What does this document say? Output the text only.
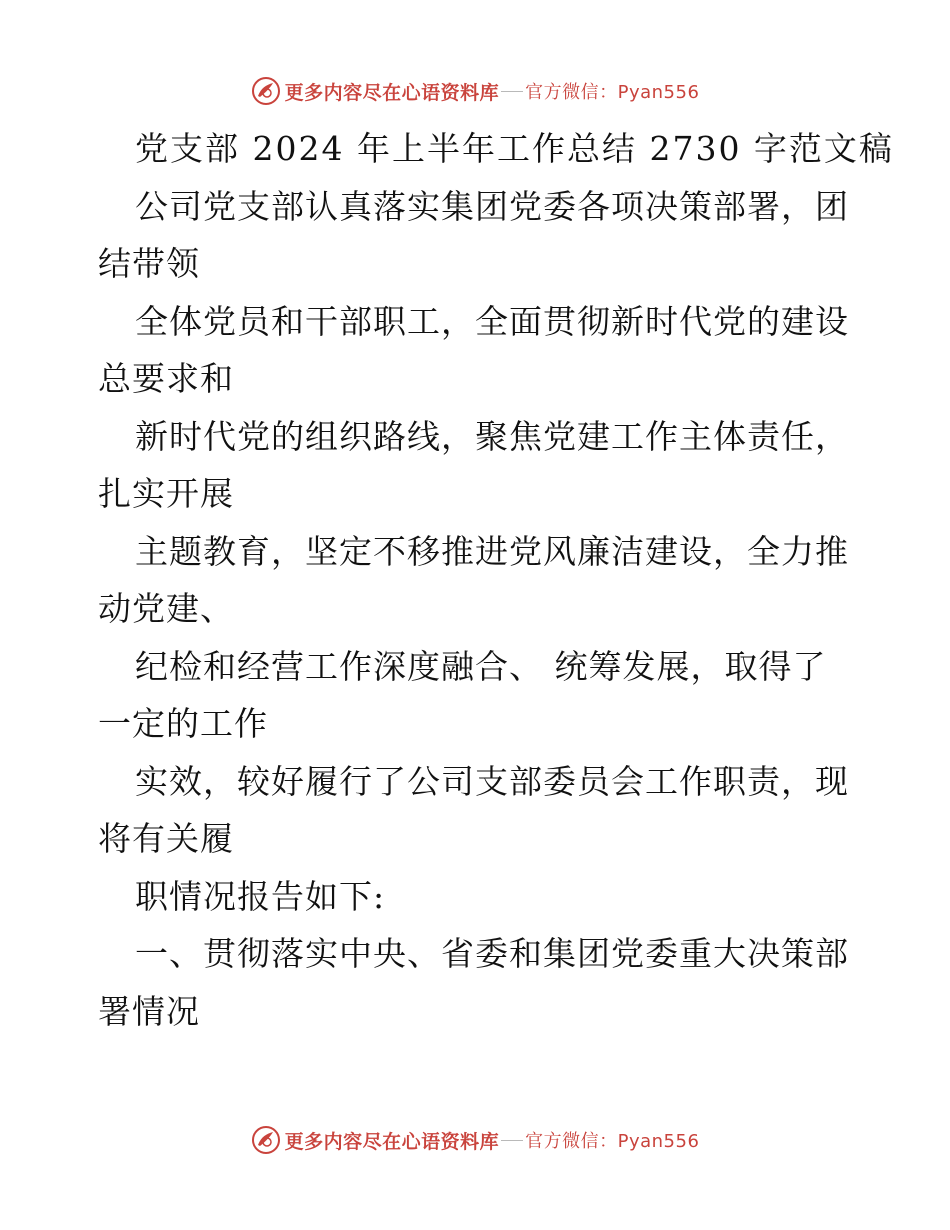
更多内容尽在心语资料库 官方微信：Pyan556
党支部 2024 年上半年工作总结 2730 字范文稿
公司党支部认真落实集团党委各项决策部署，团
结带领
全体党员和干部职工，全面贯彻新时代党的建设
总要求和
新时代党的组织路线，聚焦党建工作主体责任，
扎实开展
主题教育，坚定不移推进党风廉洁建设，全力推
动党建、
纪检和经营工作深度融合、 统筹发展，取得了
一定的工作
实效，较好履行了公司支部委员会工作职责，现
将有关履
职情况报告如下:
一、贯彻落实中央、省委和集团党委重大决策部
署情况
更多内容尽在心语资料库 官方微信：Pyan556
